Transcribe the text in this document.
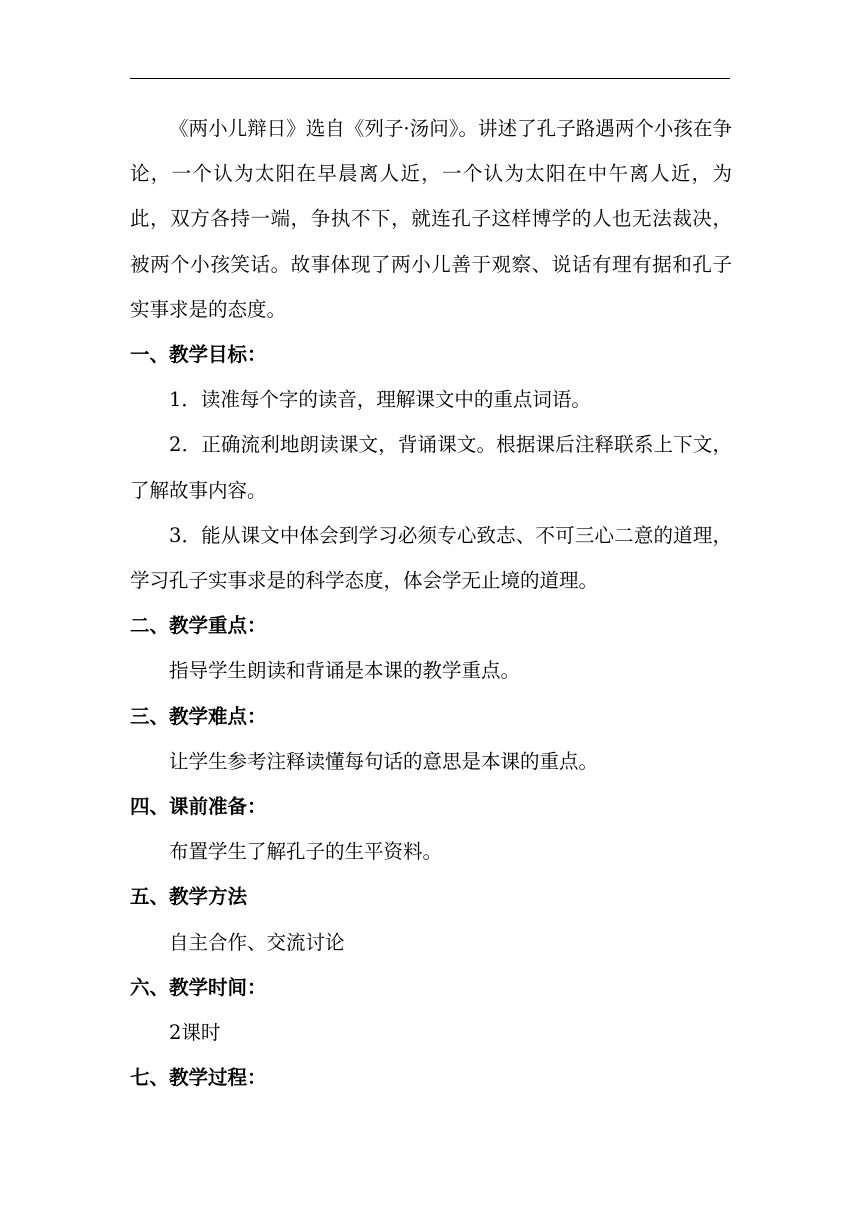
《两小儿辩日》选自《列子·汤问》。讲述了孔子路遇两个小孩在争论，一个认为太阳在早晨离人近，一个认为太阳在中午离人近，为此，双方各持一端，争执不下，就连孔子这样博学的人也无法裁决，被两个小孩笑话。故事体现了两小儿善于观察、说话有理有据和孔子实事求是的态度。

一、教学目标：

1．读准每个字的读音，理解课文中的重点词语。

2．正确流利地朗读课文，背诵课文。根据课后注释联系上下文，了解故事内容。

3．能从课文中体会到学习必须专心致志、不可三心二意的道理，学习孔子实事求是的科学态度，体会学无止境的道理。

二、教学重点：

指导学生朗读和背诵是本课的教学重点。

三、教学难点：

让学生参考注释读懂每句话的意思是本课的重点。

四、课前准备：

布置学生了解孔子的生平资料。

五、教学方法

自主合作、交流讨论

六、教学时间：

2课时

七、教学过程：
